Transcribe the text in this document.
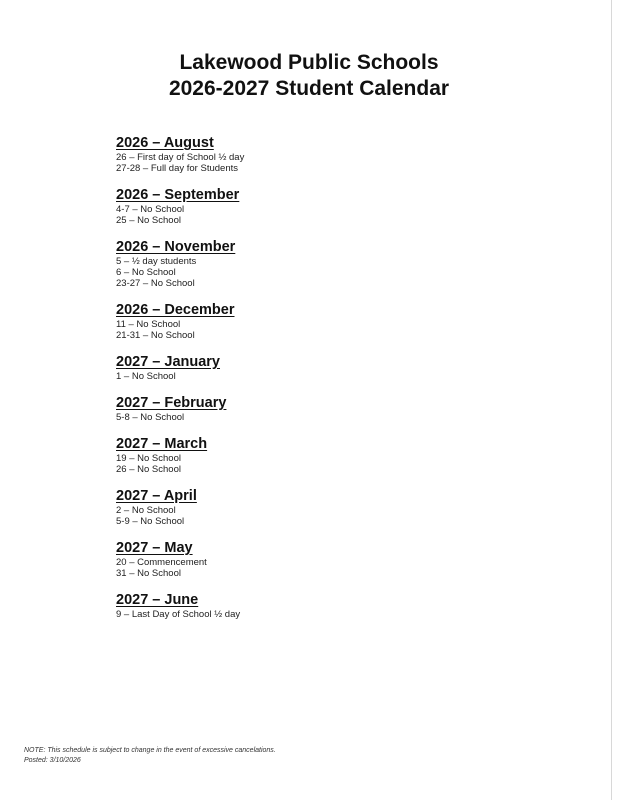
Lakewood Public Schools
2026-2027 Student Calendar
2026 – August
26 – First day of School ½ day
27-28 – Full day for Students
2026 – September
4-7 – No School
25 – No School
2026 – November
5 – ½ day students
6 – No School
23-27 – No School
2026 – December
11 – No School
21-31 – No School
2027 – January
1 – No School
2027 – February
5-8 – No School
2027 – March
19 – No School
26 – No School
2027 – April
2 – No School
5-9 – No School
2027 – May
20 – Commencement
31 – No School
2027 – June
9 – Last Day of School ½ day
NOTE: This schedule is subject to change in the event of excessive cancelations.
Posted: 3/10/2026
